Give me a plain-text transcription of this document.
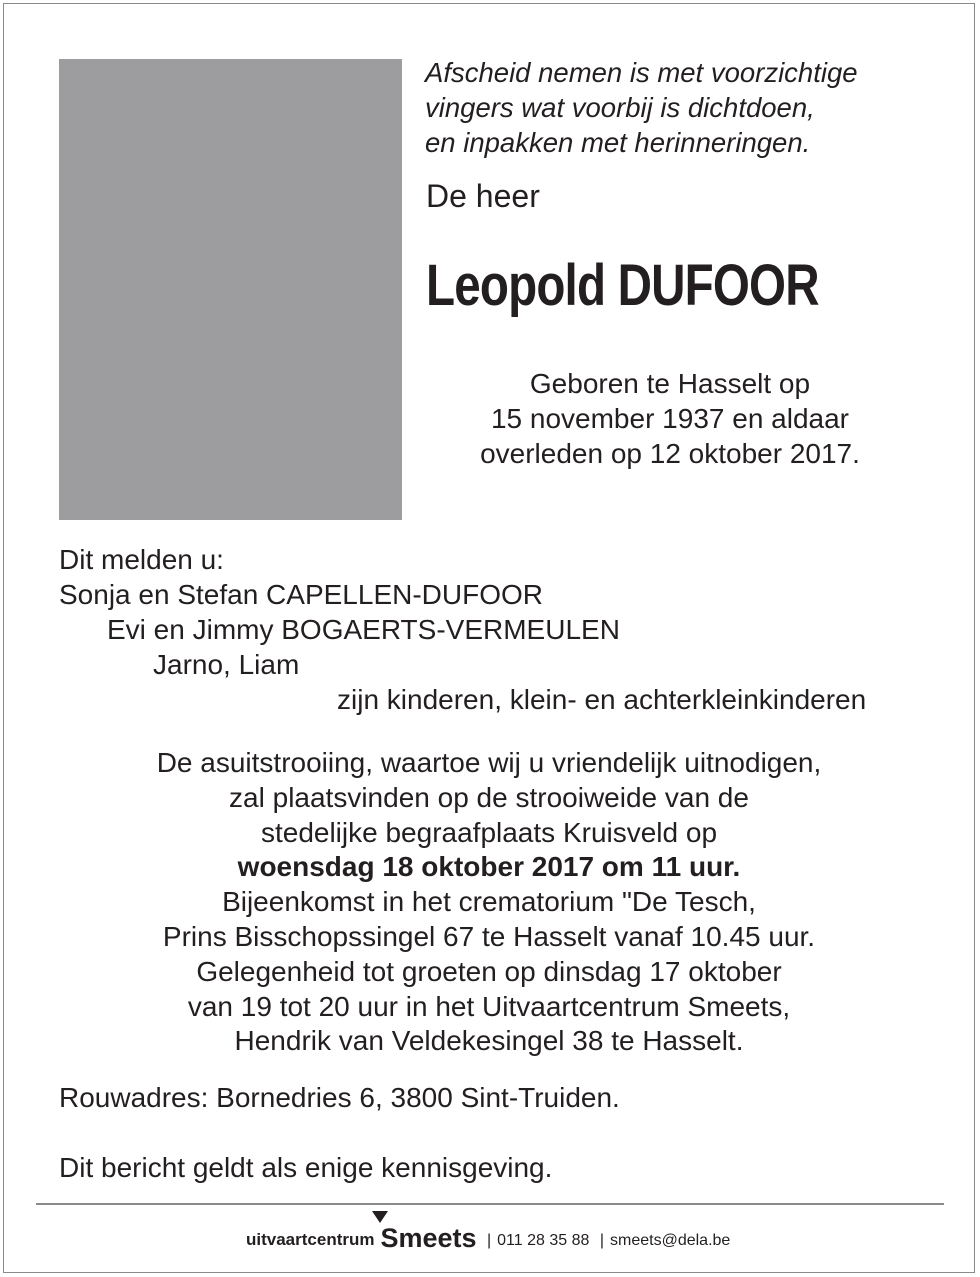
Afscheid nemen is met voorzichtige
vingers wat voorbij is dichtdoen,
en inpakken met herinneringen.
De heer
Leopold DUFOOR
Geboren te Hasselt op
15 november 1937 en aldaar
overleden op 12 oktober 2017.
Dit melden u:
Sonja en Stefan CAPELLEN-DUFOOR
Evi en Jimmy BOGAERTS-VERMEULEN
Jarno, Liam
zijn kinderen, klein- en achterkleinkinderen
De asuitstrooiing, waartoe wij u vriendelijk uitnodigen,
zal plaatsvinden op de strooiweide van de
stedelijke begraafplaats Kruisveld op
woensdag 18 oktober 2017 om 11 uur.
Bijeenkomst in het crematorium "De Tesch,
Prins Bisschopssingel 67 te Hasselt vanaf 10.45 uur.
Gelegenheid tot groeten op dinsdag 17 oktober
van 19 tot 20 uur in het Uitvaartcentrum Smeets,
Hendrik van Veldekesingel 38 te Hasselt.
Rouwadres: Bornedries 6, 3800 Sint-Truiden.
Dit bericht geldt als enige kennisgeving.
uitvaartcentrum Smeets | 011 28 35 88 | smeets@dela.be
